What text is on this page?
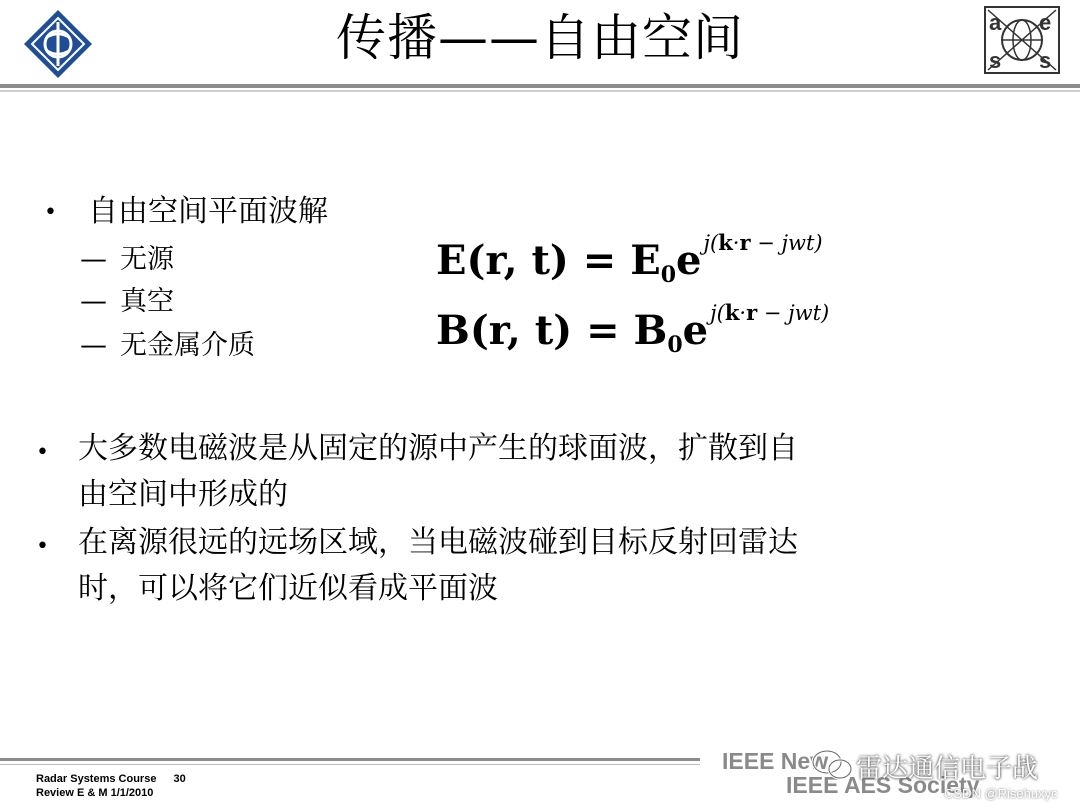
传播——自由空间	a e
s s
• 自由空间平面波解
— 无源
— 真空
— 无金属介质
E(r, $t) = E_0e^{j(k\cdot r - jwt)}$
B(r, $t) = B_0e^{j(k\cdot r - jwt)}$
• 大多数电磁波是从固定的源中产生的球面波，扩散到自
由空间中形成的
• 在离源很远的远场区域，当电磁波碰到目标反射回雷达
时，可以将它们近似看成平面波
Radar Systems Course 30
Review E & M 1/1/2010
IEEE New
IEEE AES Society
雷达通信电子战
CSDN @Risehuxyc
